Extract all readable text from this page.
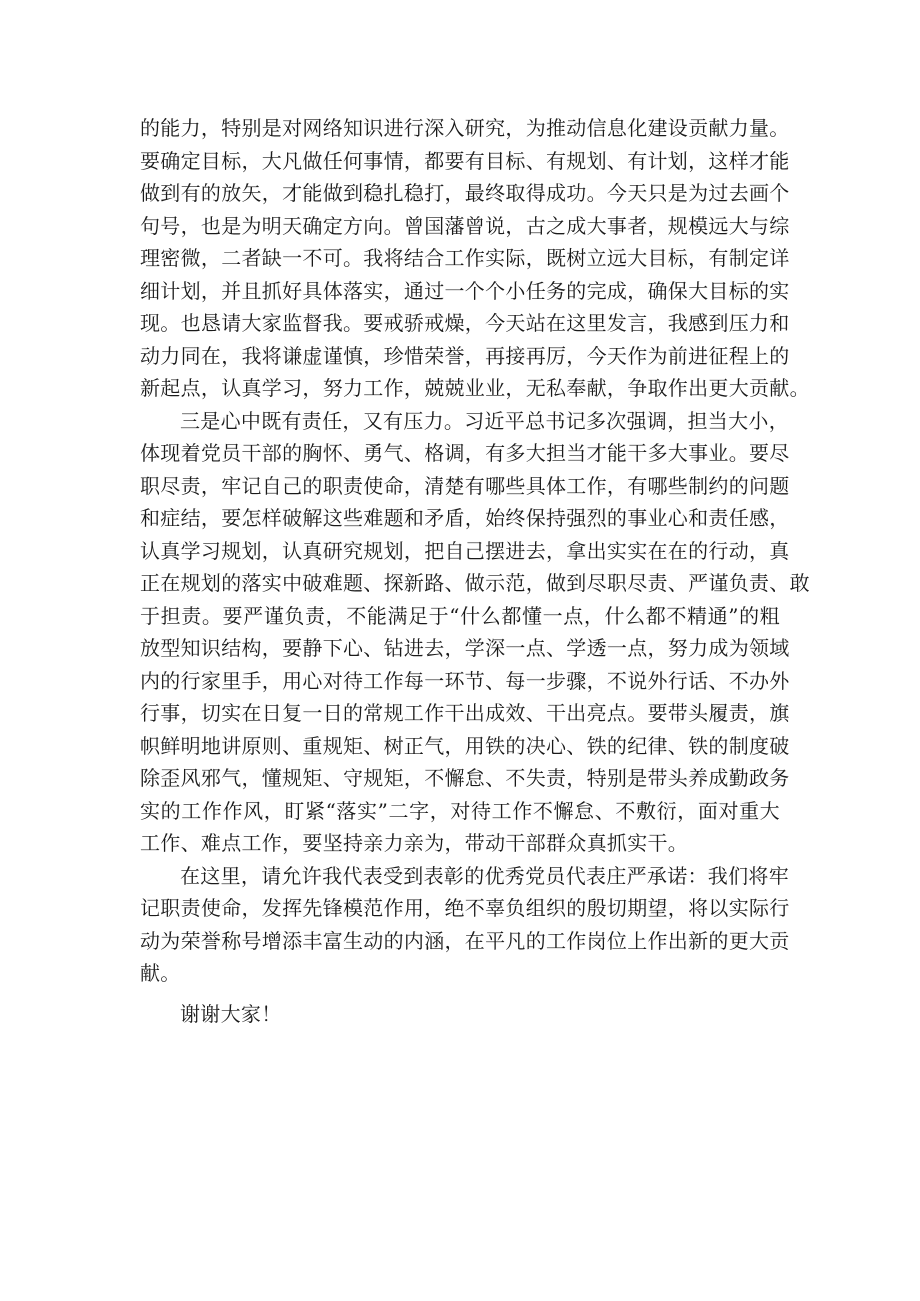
的能力，特别是对网络知识进行深入研究，为推动信息化建设贡献力量。
要确定目标，大凡做任何事情，都要有目标、有规划、有计划，这样才能
做到有的放矢，才能做到稳扎稳打，最终取得成功。今天只是为过去画个
句号，也是为明天确定方向。曾国藩曾说，古之成大事者，规模远大与综
理密微，二者缺一不可。我将结合工作实际，既树立远大目标，有制定详
细计划，并且抓好具体落实，通过一个个小任务的完成，确保大目标的实
现。也恳请大家监督我。要戒骄戒燥，今天站在这里发言，我感到压力和
动力同在，我将谦虚谨慎，珍惜荣誉，再接再厉，今天作为前进征程上的
新起点，认真学习，努力工作，兢兢业业，无私奉献，争取作出更大贡献。
三是心中既有责任，又有压力。习近平总书记多次强调，担当大小，
体现着党员干部的胸怀、勇气、格调，有多大担当才能干多大事业。要尽
职尽责，牢记自己的职责使命，清楚有哪些具体工作，有哪些制约的问题
和症结，要怎样破解这些难题和矛盾，始终保持强烈的事业心和责任感，
认真学习规划，认真研究规划，把自己摆进去，拿出实实在在的行动，真
正在规划的落实中破难题、探新路、做示范，做到尽职尽责、严谨负责、敢
于担责。要严谨负责，不能满足于“什么都懂一点，什么都不精通”的粗
放型知识结构，要静下心、钻进去，学深一点、学透一点，努力成为领域
内的行家里手，用心对待工作每一环节、每一步骤，不说外行话、不办外
行事，切实在日复一日的常规工作干出成效、干出亮点。要带头履责，旗
帜鲜明地讲原则、重规矩、树正气，用铁的决心、铁的纪律、铁的制度破
除歪风邪气，懂规矩、守规矩，不懈怠、不失责，特别是带头养成勤政务
实的工作作风，盯紧“落实”二字，对待工作不懈怠、不敷衍，面对重大
工作、难点工作，要坚持亲力亲为，带动干部群众真抓实干。
在这里，请允许我代表受到表彰的优秀党员代表庄严承诺：我们将牢
记职责使命，发挥先锋模范作用，绝不辜负组织的殷切期望，将以实际行
动为荣誉称号增添丰富生动的内涵，在平凡的工作岗位上作出新的更大贡
献。
谢谢大家！
